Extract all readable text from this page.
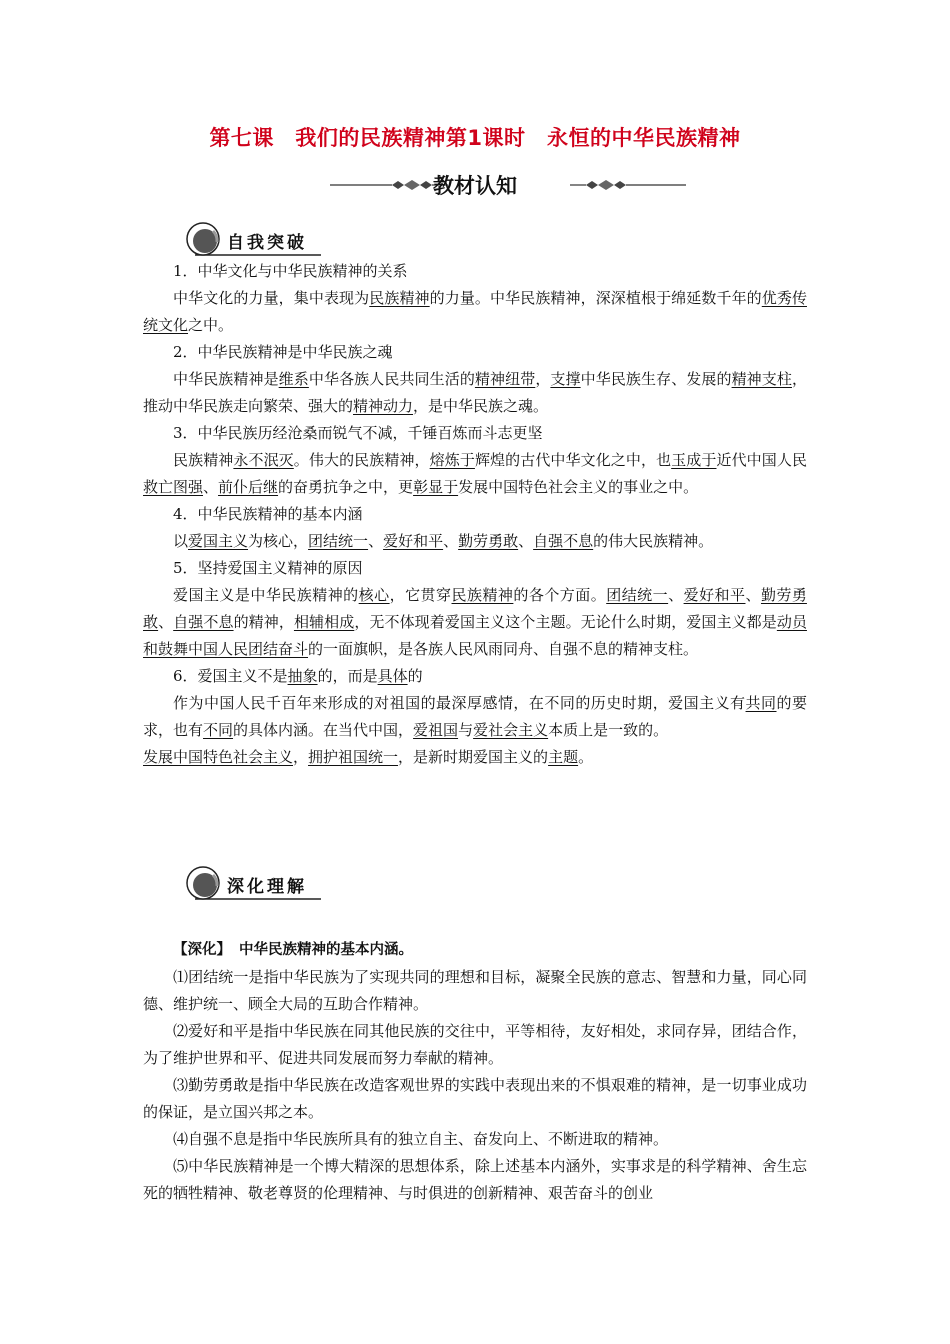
第七课　我们的民族精神第1课时　永恒的中华民族精神
教材认知
自我突破

1．中华文化与中华民族精神的关系

中华文化的力量，集中表现为民族精神的力量。中华民族精神，深深植根于绵延数千年的优秀传统文化之中。

2．中华民族精神是中华民族之魂

中华民族精神是维系中华各族人民共同生活的精神纽带，支撑中华民族生存、发展的精神支柱，推动中华民族走向繁荣、强大的精神动力，是中华民族之魂。

3．中华民族历经沧桑而锐气不减，千锤百炼而斗志更坚

民族精神永不泯灭。伟大的民族精神，熔炼于辉煌的古代中华文化之中，也玉成于近代中国人民救亡图强、前仆后继的奋勇抗争之中，更彰显于发展中国特色社会主义的事业之中。

4．中华民族精神的基本内涵

以爱国主义为核心，团结统一、爱好和平、勤劳勇敢、自强不息的伟大民族精神。

5．坚持爱国主义精神的原因

爱国主义是中华民族精神的核心，它贯穿民族精神的各个方面。团结统一、爱好和平、勤劳勇敢、自强不息的精神，相辅相成，无不体现着爱国主义这个主题。无论什么时期，爱国主义都是动员和鼓舞中国人民团结奋斗的一面旗帜，是各族人民风雨同舟、自强不息的精神支柱。

6．爱国主义不是抽象的，而是具体的

作为中国人民千百年来形成的对祖国的最深厚感情，在不同的历史时期，爱国主义有共同的要求，也有不同的具体内涵。在当代中国，爱祖国与爱社会主义本质上是一致的。

发展中国特色社会主义，拥护祖国统一，是新时期爱国主义的主题。

深化理解

【深化】 中华民族精神的基本内涵。

⑴团结统一是指中华民族为了实现共同的理想和目标，凝聚全民族的意志、智慧和力量，同心同德、维护统一、顾全大局的互助合作精神。

⑵爱好和平是指中华民族在同其他民族的交往中，平等相待，友好相处，求同存异，团结合作，为了维护世界和平、促进共同发展而努力奉献的精神。

⑶勤劳勇敢是指中华民族在改造客观世界的实践中表现出来的不惧艰难的精神，是一切事业成功的保证，是立国兴邦之本。

⑷自强不息是指中华民族所具有的独立自主、奋发向上、不断进取的精神。

⑸中华民族精神是一个博大精深的思想体系，除上述基本内涵外，实事求是的科学精神、舍生忘死的牺牲精神、敬老尊贤的伦理精神、与时俱进的创新精神、艰苦奋斗的创业
